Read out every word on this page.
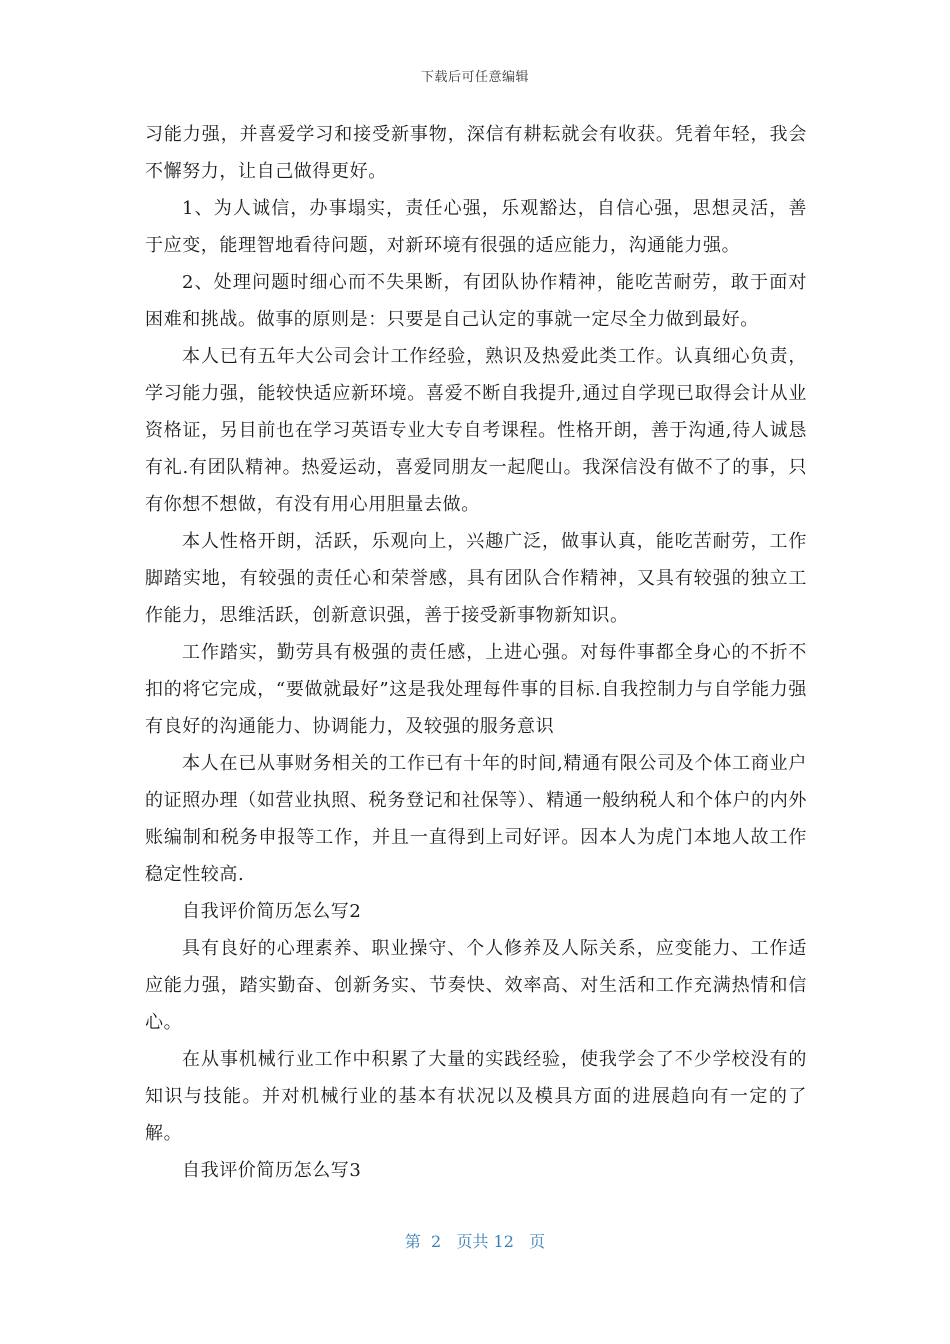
下载后可任意编辑

习能力强，并喜爱学习和接受新事物，深信有耕耘就会有收获。凭着年轻，我会不懈努力，让自己做得更好。

1、为人诚信，办事塌实，责任心强，乐观豁达，自信心强，思想灵活，善于应变，能理智地看待问题，对新环境有很强的适应能力，沟通能力强。

2、处理问题时细心而不失果断，有团队协作精神，能吃苦耐劳，敢于面对困难和挑战。做事的原则是：只要是自己认定的事就一定尽全力做到最好。

本人已有五年大公司会计工作经验，熟识及热爱此类工作。认真细心负责，学习能力强，能较快适应新环境。喜爱不断自我提升,通过自学现已取得会计从业资格证，另目前也在学习英语专业大专自考课程。性格开朗，善于沟通,待人诚恳有礼.有团队精神。热爱运动，喜爱同朋友一起爬山。我深信没有做不了的事，只有你想不想做，有没有用心用胆量去做。

本人性格开朗，活跃，乐观向上，兴趣广泛，做事认真，能吃苦耐劳，工作脚踏实地，有较强的责任心和荣誉感，具有团队合作精神，又具有较强的独立工作能力，思维活跃，创新意识强，善于接受新事物新知识。

工作踏实，勤劳具有极强的责任感，上进心强。对每件事都全身心的不折不扣的将它完成，“要做就最好”这是我处理每件事的目标.自我控制力与自学能力强有良好的沟通能力、协调能力，及较强的服务意识

本人在已从事财务相关的工作已有十年的时间,精通有限公司及个体工商业户的证照办理（如营业执照、税务登记和社保等）、精通一般纳税人和个体户的内外账编制和税务申报等工作，并且一直得到上司好评。因本人为虎门本地人故工作稳定性较高.

自我评价简历怎么写2

具有良好的心理素养、职业操守、个人修养及人际关系，应变能力、工作适应能力强，踏实勤奋、创新务实、节奏快、效率高、对生活和工作充满热情和信心。

在从事机械行业工作中积累了大量的实践经验，使我学会了不少学校没有的知识与技能。并对机械行业的基本有状况以及模具方面的进展趋向有一定的了解。

自我评价简历怎么写3

第  2   页共 12   页
